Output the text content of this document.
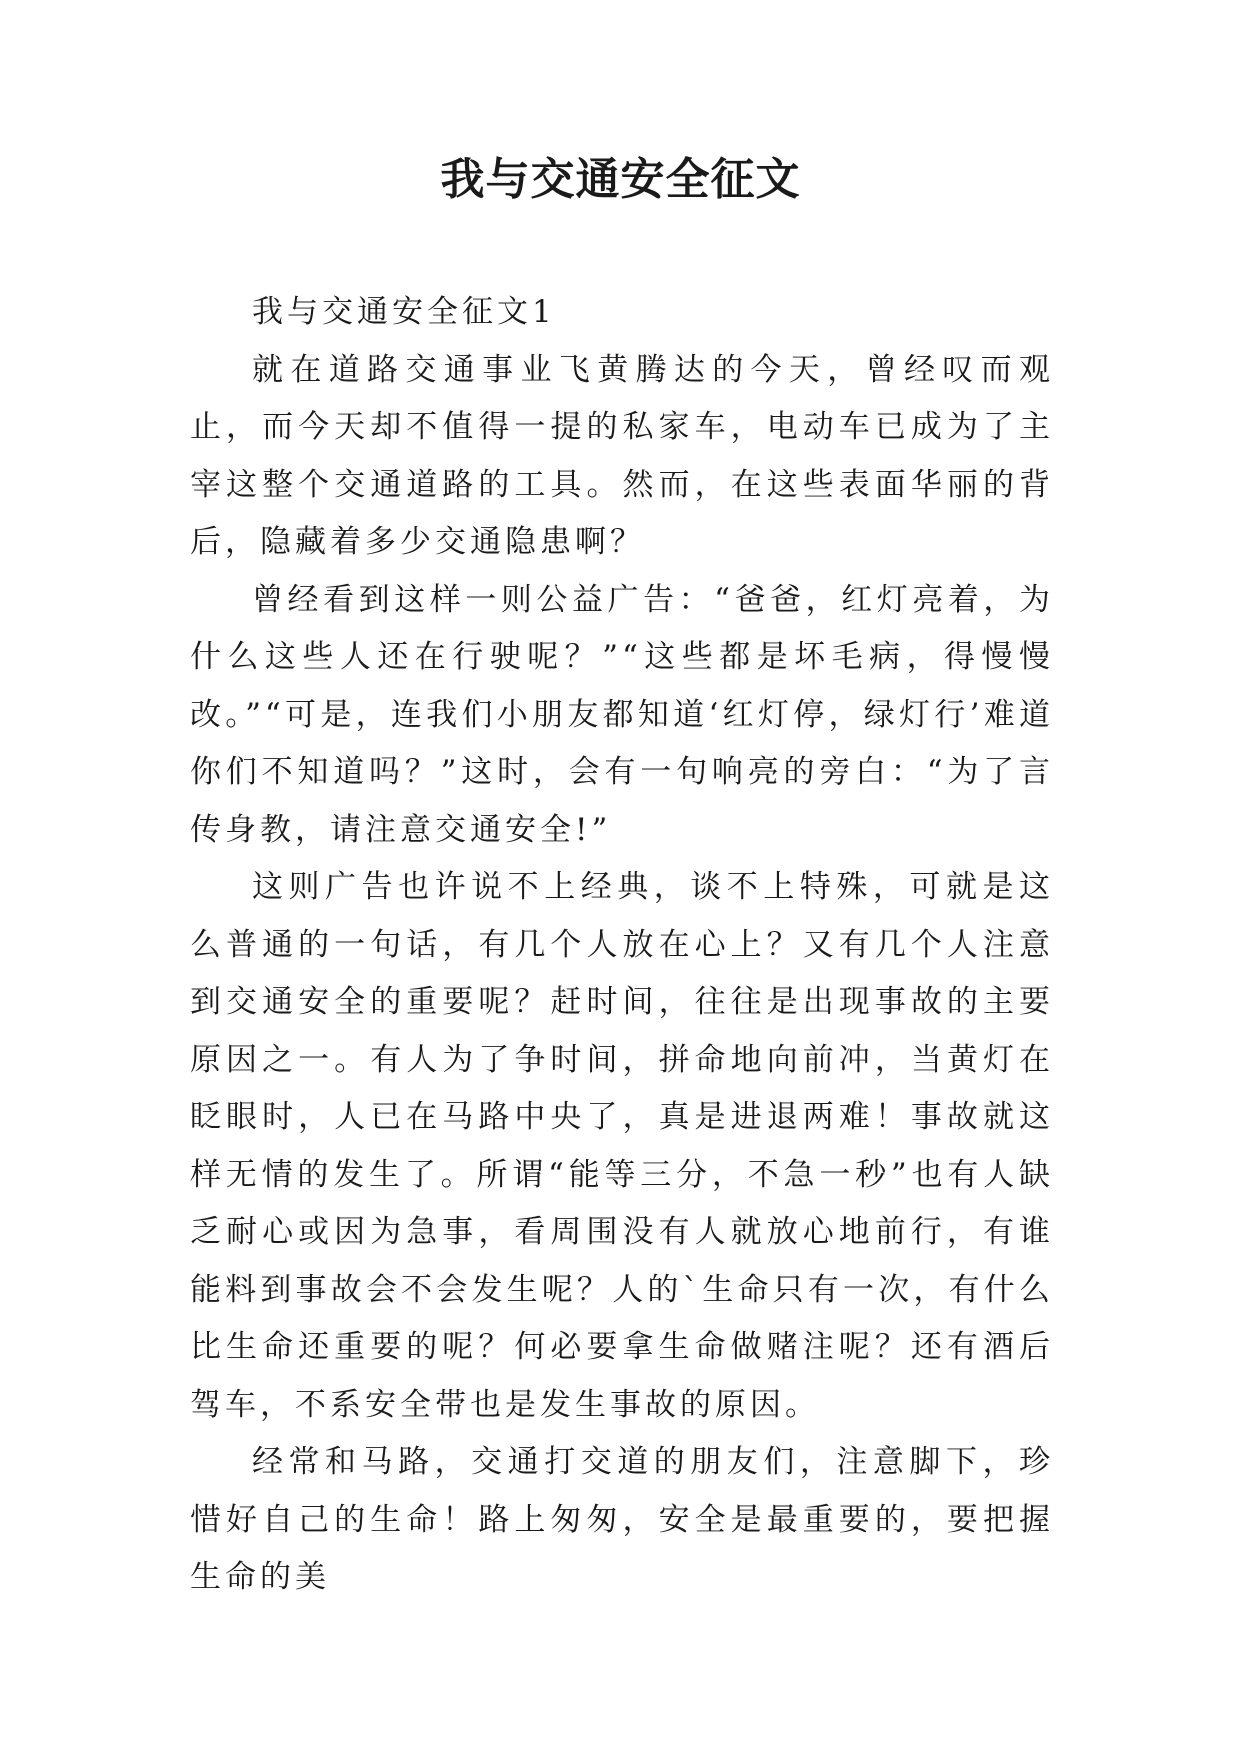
我与交通安全征文

我与交通安全征文1

就在道路交通事业飞黄腾达的今天，曾经叹而观止，而今天却不值得一提的私家车，电动车已成为了主宰这整个交通道路的工具。然而，在这些表面华丽的背后，隐藏着多少交通隐患啊？

曾经看到这样一则公益广告：“爸爸，红灯亮着，为什么这些人还在行驶呢？”“这些都是坏毛病，得慢慢改。”“可是，连我们小朋友都知道‘红灯停，绿灯行’难道你们不知道吗？”这时，会有一句响亮的旁白：“为了言传身教，请注意交通安全!”

这则广告也许说不上经典，谈不上特殊，可就是这么普通的一句话，有几个人放在心上？又有几个人注意到交通安全的重要呢？赶时间，往往是出现事故的主要原因之一。有人为了争时间，拼命地向前冲，当黄灯在眨眼时，人已在马路中央了，真是进退两难！事故就这样无情的发生了。所谓“能等三分，不急一秒”也有人缺乏耐心或因为急事，看周围没有人就放心地前行，有谁能料到事故会不会发生呢？人的`生命只有一次，有什么比生命还重要的呢？何必要拿生命做赌注呢？还有酒后驾车，不系安全带也是发生事故的原因。

经常和马路，交通打交道的朋友们，注意脚下，珍惜好自己的生命！路上匆匆，安全是最重要的，要把握生命的美
